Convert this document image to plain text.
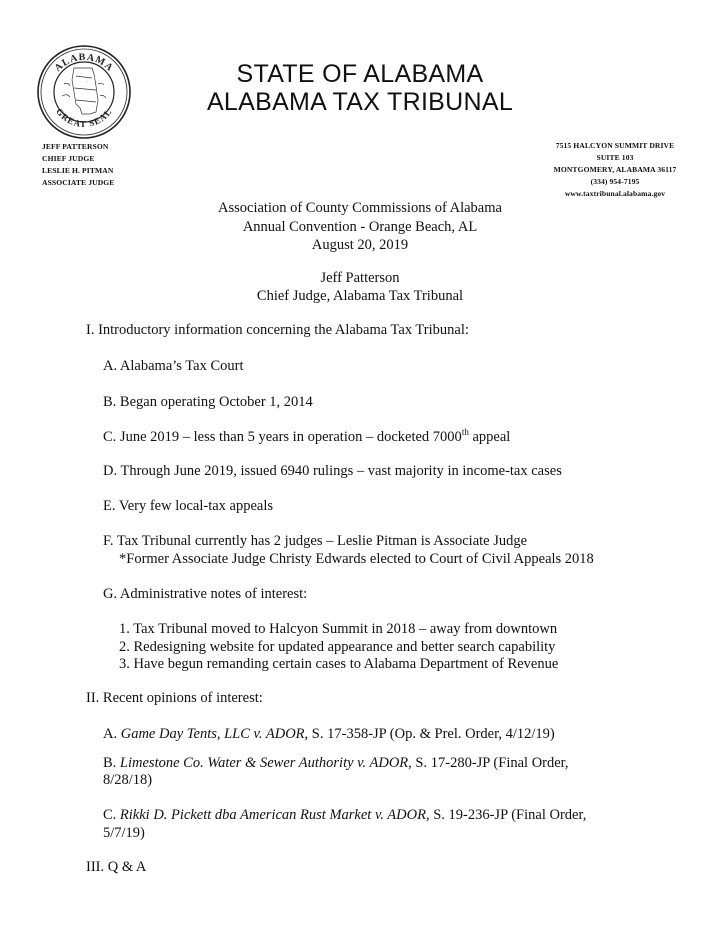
~
~
~
ALABAMA
GREAT SEAL
STATE OF ALABAMA
ALABAMA TAX TRIBUNAL
JEFF PATTERSON
CHIEF JUDGE
LESLIE H. PITMAN
ASSOCIATE JUDGE
7515 HALCYON SUMMIT DRIVE
SUITE 103
MONTGOMERY, ALABAMA 36117
(334) 954-7195
www.taxtribunal.alabama.gov
Association of County Commissions of Alabama
Annual Convention - Orange Beach, AL
August 20, 2019
Jeff Patterson
Chief Judge, Alabama Tax Tribunal
I. Introductory information concerning the Alabama Tax Tribunal:
A. Alabama’s Tax Court
B. Began operating October 1, 2014
C. June 2019 – less than 5 years in operation – docketed 7000th appeal
D. Through June 2019, issued 6940 rulings – vast majority in income-tax cases
E. Very few local-tax appeals
F. Tax Tribunal currently has 2 judges – Leslie Pitman is Associate Judge
*Former Associate Judge Christy Edwards elected to Court of Civil Appeals 2018
G. Administrative notes of interest:
1. Tax Tribunal moved to Halcyon Summit in 2018 – away from downtown
2. Redesigning website for updated appearance and better search capability
3. Have begun remanding certain cases to Alabama Department of Revenue
II. Recent opinions of interest:
A. Game Day Tents, LLC v. ADOR, S. 17-358-JP (Op. & Prel. Order, 4/12/19)
B. Limestone Co. Water & Sewer Authority v. ADOR, S. 17-280-JP (Final Order,
8/28/18)
C. Rikki D. Pickett dba American Rust Market v. ADOR, S. 19-236-JP (Final Order,
5/7/19)
III. Q & A
